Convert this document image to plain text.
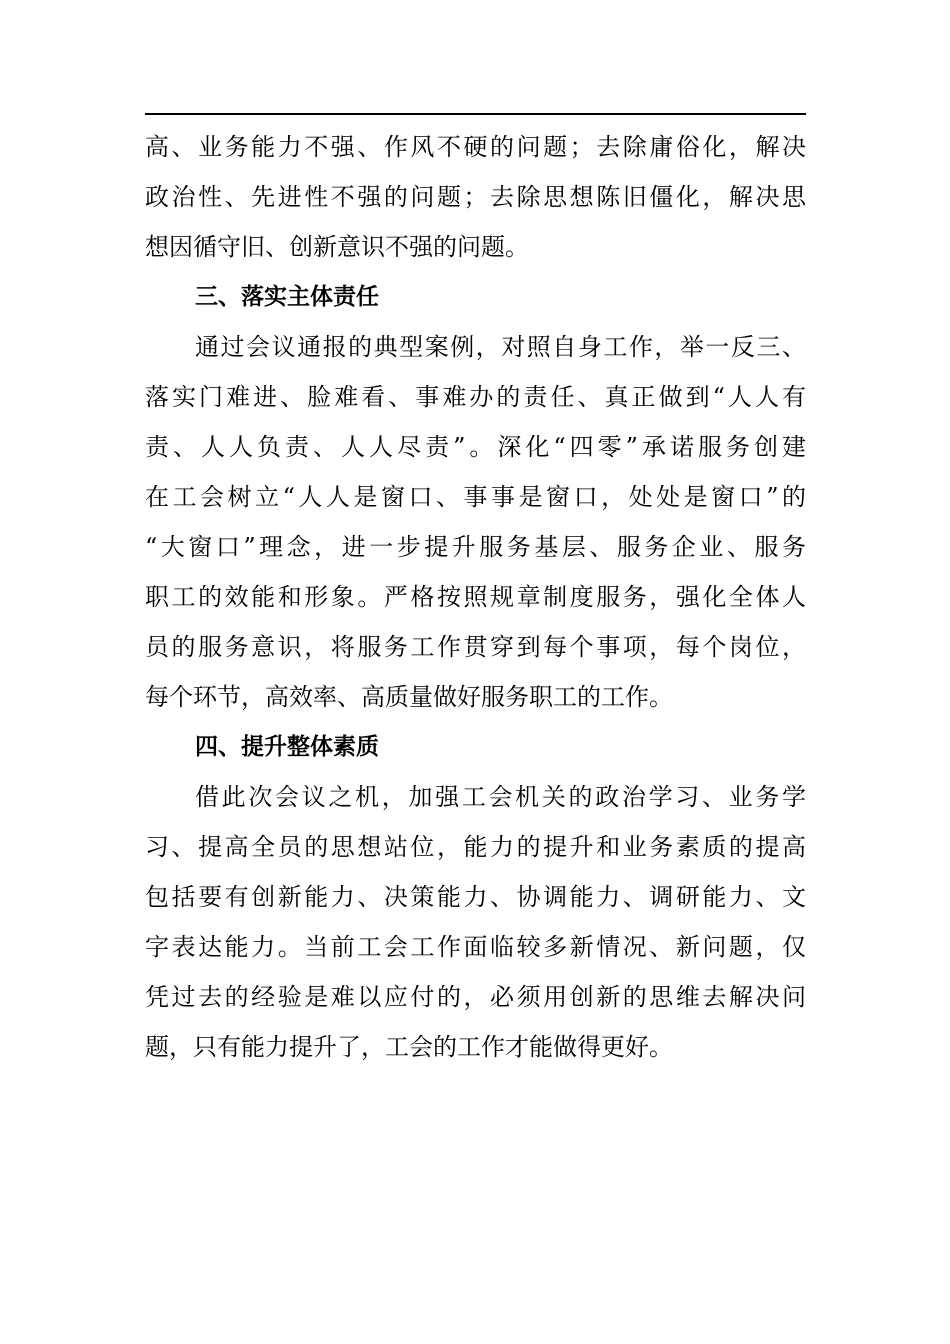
高、业务能力不强、作风不硬的问题；去除庸俗化，解决
政治性、先进性不强的问题；去除思想陈旧僵化，解决思
想因循守旧、创新意识不强的问题。
三、落实主体责任
通过会议通报的典型案例，对照自身工作，举一反三、
落实门难进、脸难看、事难办的责任、真正做到“人人有
责、人人负责、人人尽责”。深化“四零”承诺服务创建
在工会树立“人人是窗口、事事是窗口，处处是窗口”的
“大窗口”理念，进一步提升服务基层、服务企业、服务
职工的效能和形象。严格按照规章制度服务，强化全体人
员的服务意识，将服务工作贯穿到每个事项，每个岗位，
每个环节，高效率、高质量做好服务职工的工作。
四、提升整体素质
借此次会议之机，加强工会机关的政治学习、业务学
习、提高全员的思想站位，能力的提升和业务素质的提高
包括要有创新能力、决策能力、协调能力、调研能力、文
字表达能力。当前工会工作面临较多新情况、新问题，仅
凭过去的经验是难以应付的，必须用创新的思维去解决问
题，只有能力提升了，工会的工作才能做得更好。
